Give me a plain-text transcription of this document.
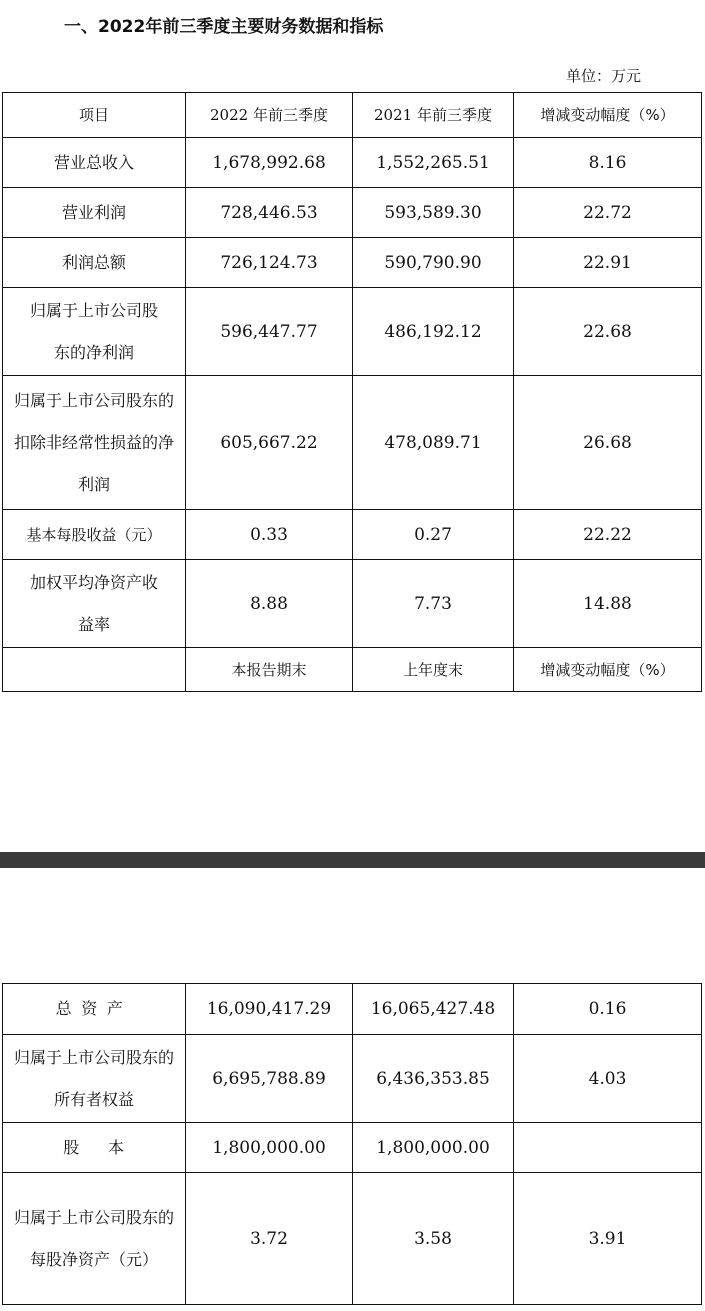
一、2022年前三季度主要财务数据和指标
单位：万元
项目	2022 年前三季度	2021 年前三季度	增减变动幅度（%）
营业总收入	1,678,992.68	1,552,265.51	8.16
营业利润	728,446.53	593,589.30	22.72
利润总额	726,124.73	590,790.90	22.91
归属于上市公司股东的净利润	596,447.77	486,192.12	22.68
归属于上市公司股东的扣除非经常性损益的净利润	605,667.22	478,089.71	26.68
基本每股收益（元）	0.33	0.27	22.22
加权平均净资产收益率	8.88	7.73	14.88
	本报告期末	上年度末	增减变动幅度（%）
总资产	16,090,417.29	16,065,427.48	0.16
归属于上市公司股东的所有者权益	6,695,788.89	6,436,353.85	4.03
股本	1,800,000.00	1,800,000.00	
归属于上市公司股东的每股净资产（元）	3.72	3.58	3.91
